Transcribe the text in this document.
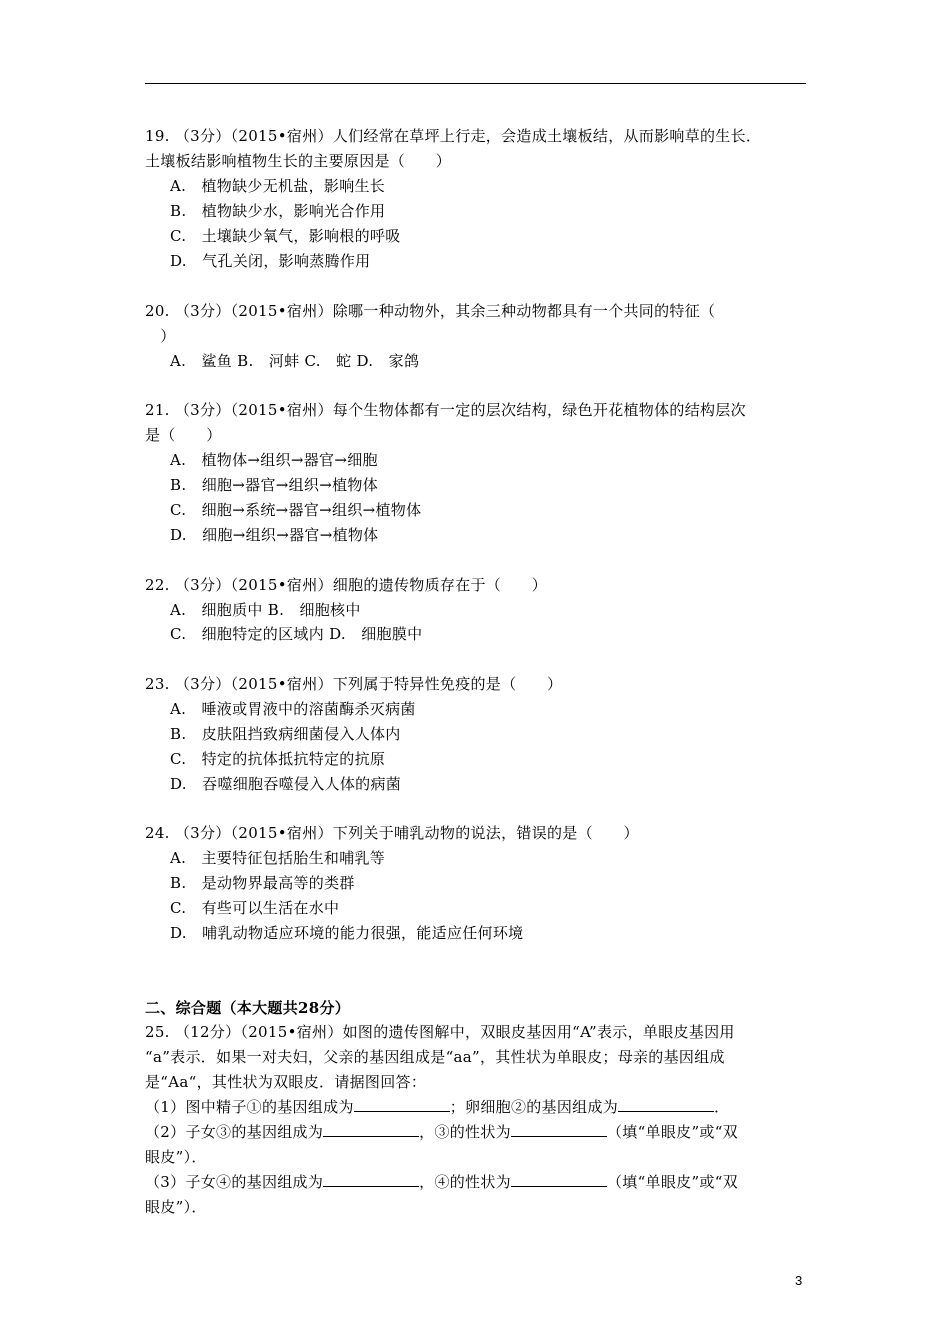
19. （3分）（2015•宿州）人们经常在草坪上行走，会造成土壤板结，从而影响草的生长．
土壤板结影响植物生长的主要原因是（　　）
A.　植物缺少无机盐，影响生长
B.　植物缺少水，影响光合作用
C.　土壤缺少氧气，影响根的呼吸
D.　气孔关闭，影响蒸腾作用
20. （3分）（2015•宿州）除哪一种动物外，其余三种动物都具有一个共同的特征（
　）
A.　鲨鱼 B.　河蚌 C.　蛇 D.　家鸽
21. （3分）（2015•宿州）每个生物体都有一定的层次结构，绿色开花植物体的结构层次
是（　　）
A.　植物体→组织→器官→细胞
B.　细胞→器官→组织→植物体
C.　细胞→系统→器官→组织→植物体
D.　细胞→组织→器官→植物体
22. （3分）（2015•宿州）细胞的遗传物质存在于（　　）
A.　细胞质中 B.　细胞核中
C.　细胞特定的区域内 D.　细胞膜中
23. （3分）（2015•宿州）下列属于特异性免疫的是（　　）
A.　唾液或胃液中的溶菌酶杀灭病菌
B.　皮肤阻挡致病细菌侵入人体内
C.　特定的抗体抵抗特定的抗原
D.　吞噬细胞吞噬侵入人体的病菌
24. （3分）（2015•宿州）下列关于哺乳动物的说法，错误的是（　　）
A.　主要特征包括胎生和哺乳等
B.　是动物界最高等的类群
C.　有些可以生活在水中
D.　哺乳动物适应环境的能力很强，能适应任何环境
二、综合题（本大题共28分）
25. （12分）（2015•宿州）如图的遗传图解中，双眼皮基因用“A”表示，单眼皮基因用
“a”表示．如果一对夫妇，父亲的基因组成是“aa”，其性状为单眼皮；母亲的基因组成
是“Aa“，其性状为双眼皮．请据图回答：
（1）图中精子①的基因组成为	；卵细胞②的基因组成为	．
（2）子女③的基因组成为	，③的性状为	（填“单眼皮”或“双
眼皮”）．
（3）子女④的基因组成为	，④的性状为	（填“单眼皮”或“双
眼皮”）．
3
